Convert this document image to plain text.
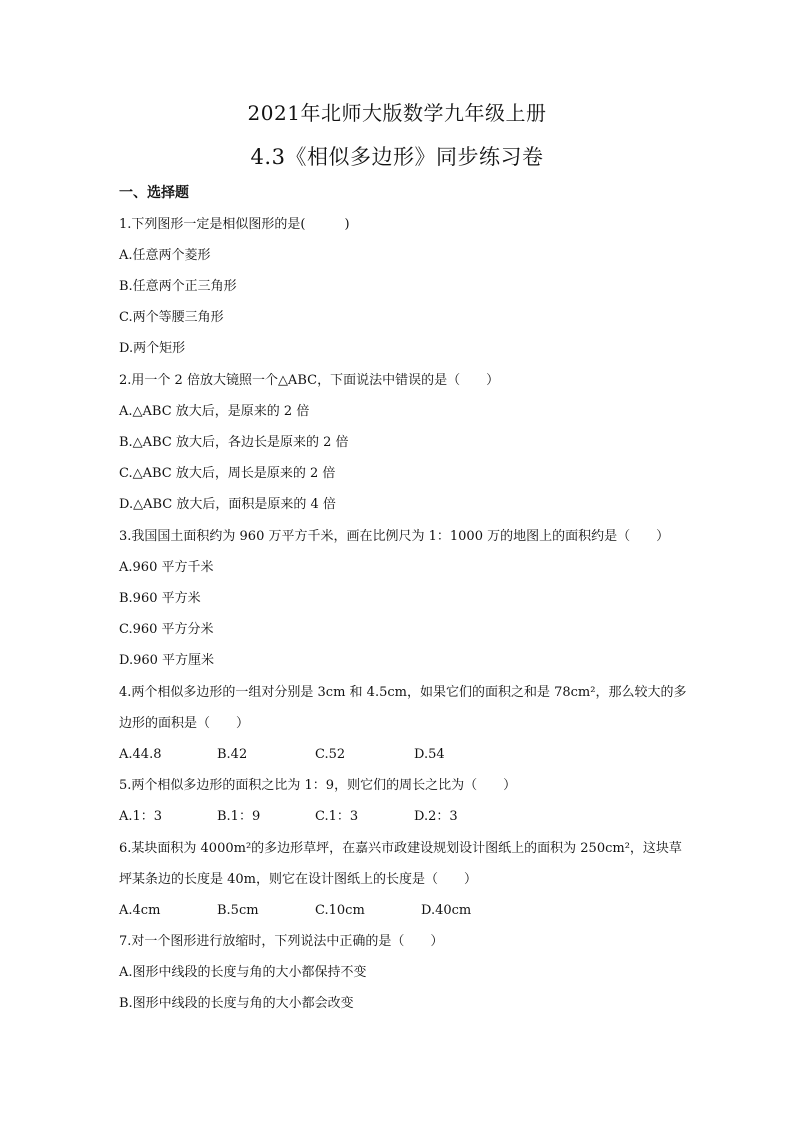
2021年北师大版数学九年级上册
4.3《相似多边形》同步练习卷
一、选择题
1.下列图形一定是相似图形的是(　　　)
A.任意两个菱形
B.任意两个正三角形
C.两个等腰三角形
D.两个矩形
2.用一个 2 倍放大镜照一个△ABC，下面说法中错误的是（　　）
A.△ABC 放大后，是原来的 2 倍
B.△ABC 放大后，各边长是原来的 2 倍
C.△ABC 放大后，周长是原来的 2 倍
D.△ABC 放大后，面积是原来的 4 倍
3.我国国土面积约为 960 万平方千米，画在比例尺为 1：1000 万的地图上的面积约是（　　）
A.960 平方千米
B.960 平方米
C.960 平方分米
D.960 平方厘米
4.两个相似多边形的一组对分别是 3cm 和 4.5cm，如果它们的面积之和是 78cm²，那么较大的多
边形的面积是（　　）
A.44.8	B.42	C.52	D.54
5.两个相似多边形的面积之比为 1：9，则它们的周长之比为（　　）
A.1：3	B.1：9	C.1：3	D.2：3
6.某块面积为 4000m²的多边形草坪，在嘉兴市政建设规划设计图纸上的面积为 250cm²，这块草
坪某条边的长度是 40m，则它在设计图纸上的长度是（　　）
A.4cm	B.5cm	C.10cm	D.40cm
7.对一个图形进行放缩时，下列说法中正确的是（　　）
A.图形中线段的长度与角的大小都保持不变
B.图形中线段的长度与角的大小都会改变
